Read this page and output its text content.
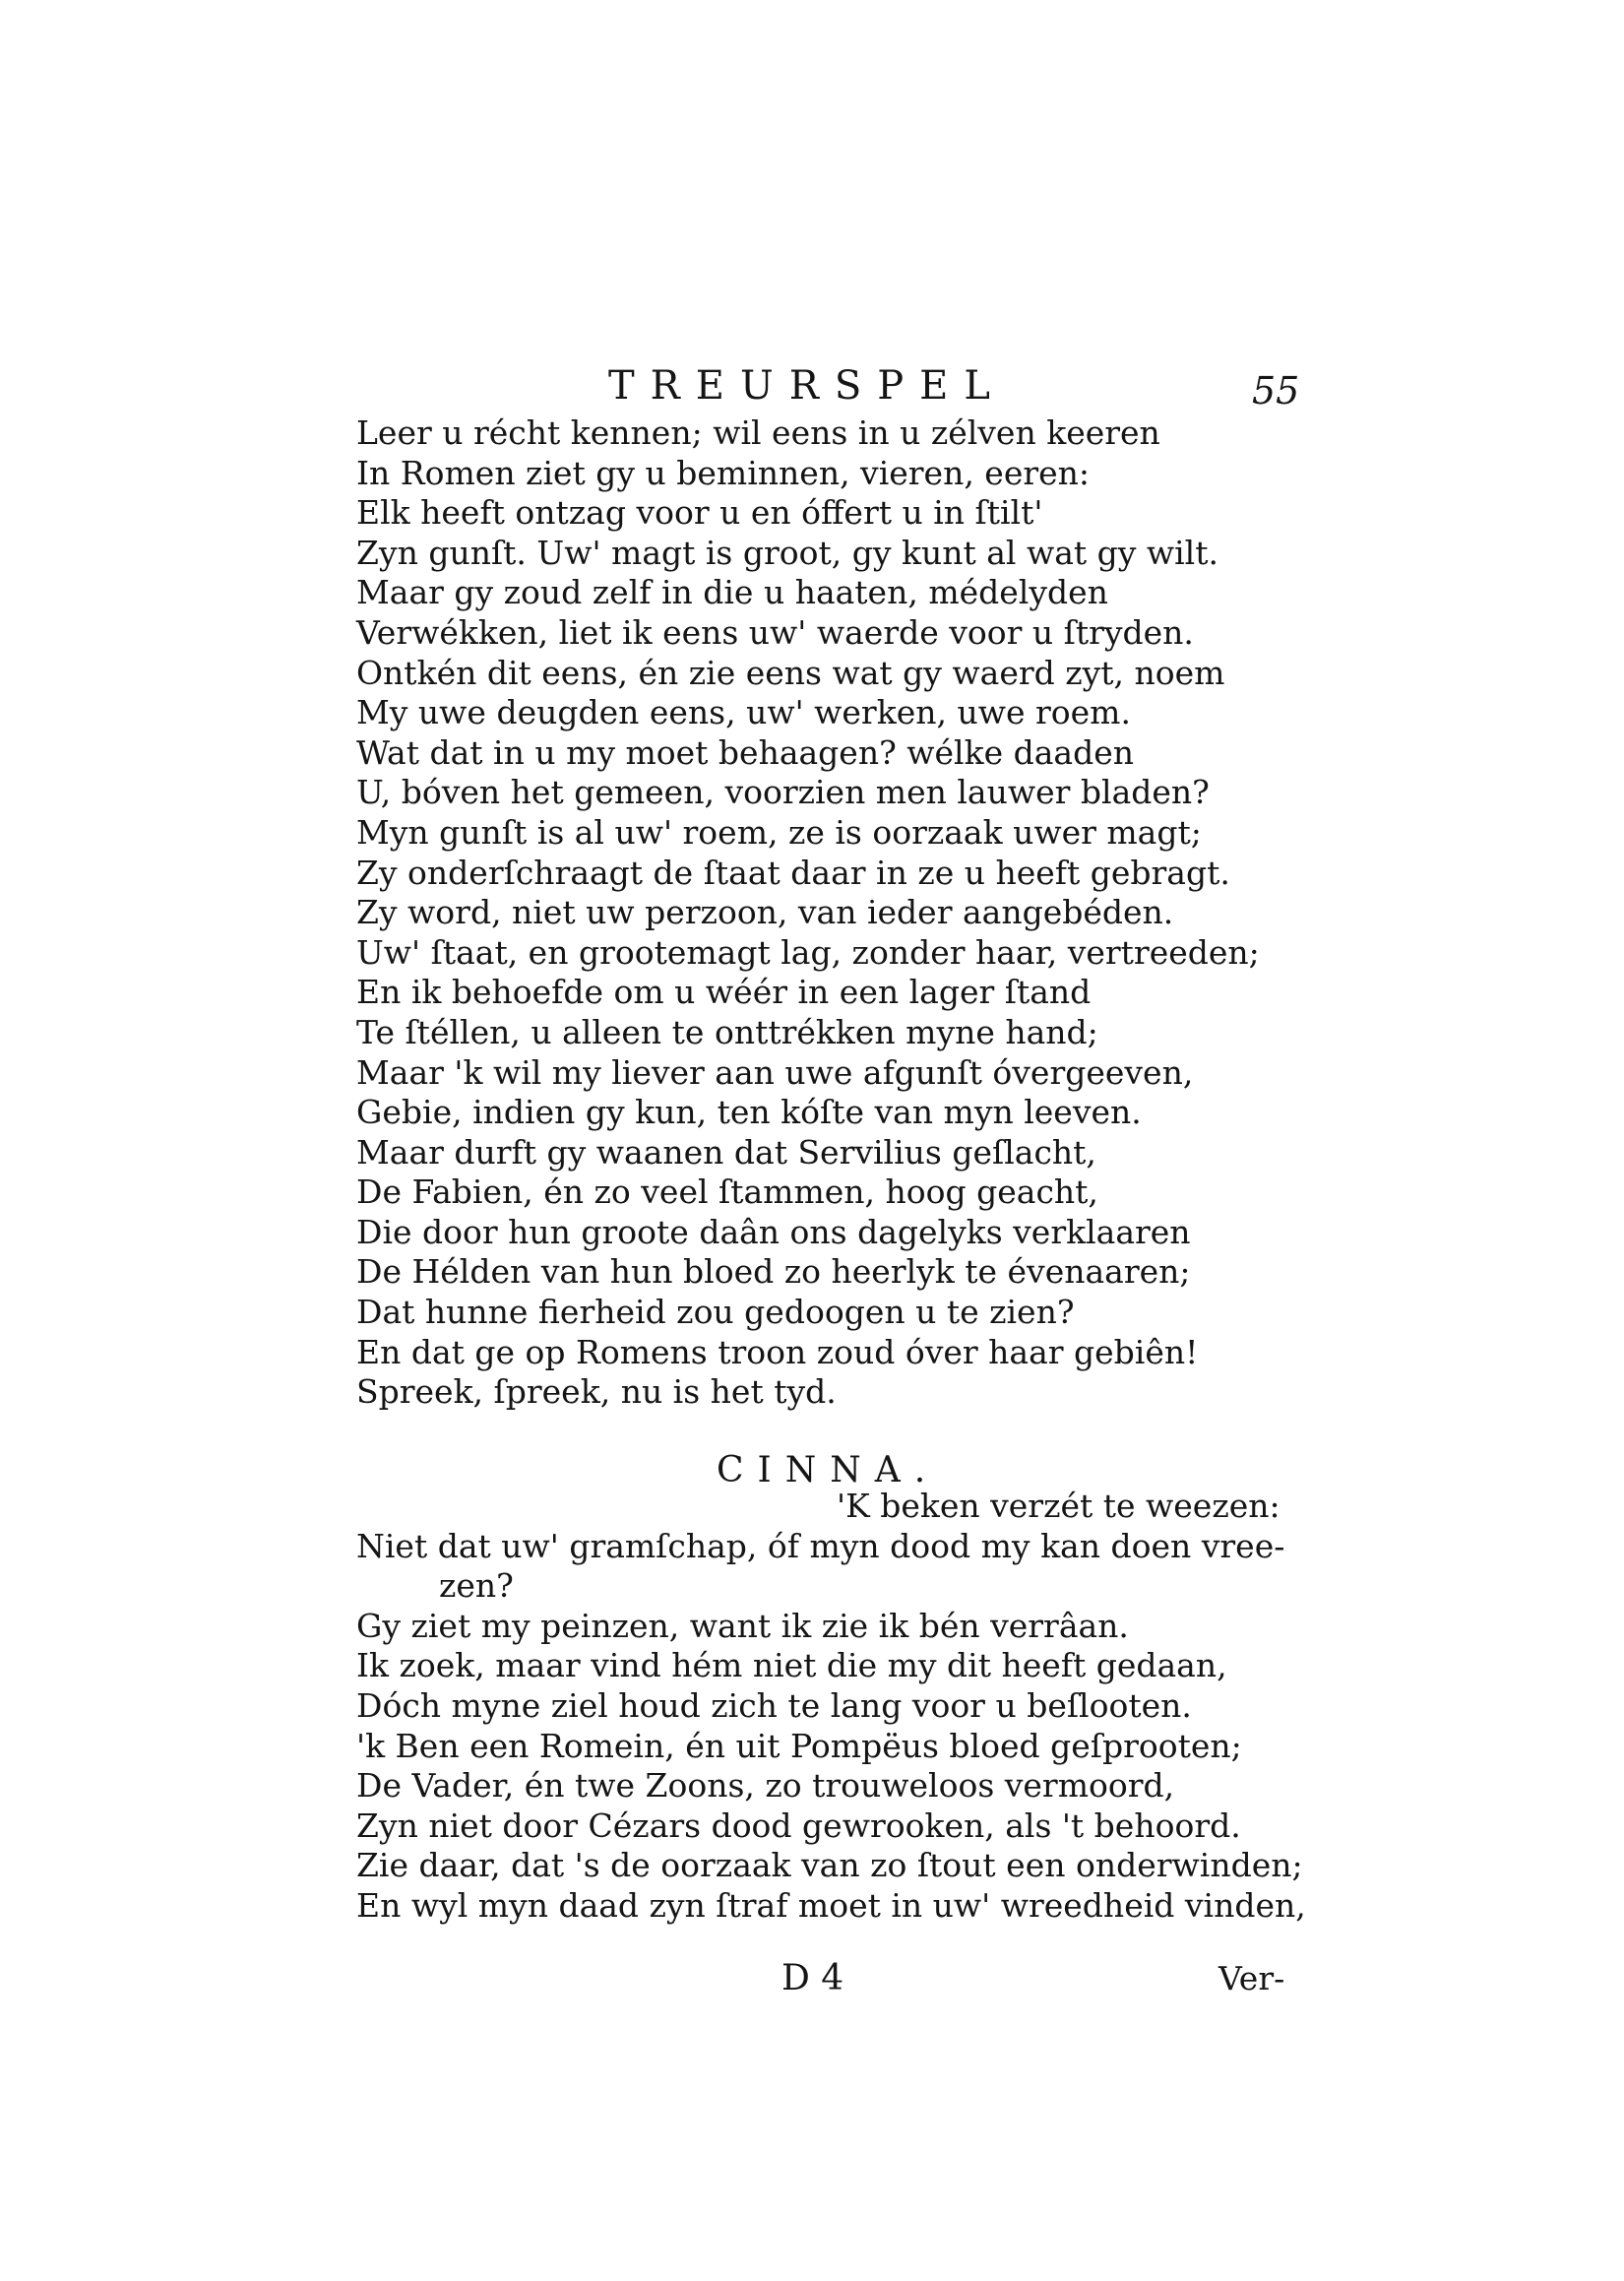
TREURSPEL	55
Leer u récht kennen; wil eens in u zélven keeren
In Romen ziet gy u beminnen, vieren, eeren:
Elk heeft ontzag voor u en óffert u in ſtilt'
Zyn gunſt. Uw' magt is groot, gy kunt al wat gy wilt.
Maar gy zoud zelf in die u haaten, médelyden
Verwékken, liet ik eens uw' waerde voor u ſtryden.
Ontkén dit eens, én zie eens wat gy waerd zyt, noem
My uwe deugden eens, uw' werken, uwe roem.
Wat dat in u my moet behaagen? wélke daaden
U, bóven het gemeen, voorzien men lauwer bladen?
Myn gunſt is al uw' roem, ze is oorzaak uwer magt;
Zy onderſchraagt de ſtaat daar in ze u heeft gebragt.
Zy word, niet uw perzoon, van ieder aangebéden.
Uw' ſtaat, en grootemagt lag, zonder haar, vertreeden;
En ik behoefde om u wéér in een lager ſtand
Te ſtéllen, u alleen te onttrékken myne hand;
Maar 'k wil my liever aan uwe afgunſt óvergeeven,
Gebie, indien gy kun, ten kóſte van myn leeven.
Maar durft gy waanen dat Servilius geſlacht,
De Fabien, én zo veel ſtammen, hoog geacht,
Die door hun groote daân ons dagelyks verklaaren
De Hélden van hun bloed zo heerlyk te évenaaren;
Dat hunne fierheid zou gedoogen u te zien?
En dat ge op Romens troon zoud óver haar gebiên!
Spreek, ſpreek, nu is het tyd.
CINNA.
'K beken verzét te weezen:
Niet dat uw' gramſchap, óf myn dood my kan doen vree-
zen?
Gy ziet my peinzen, want ik zie ik bén verrâan.
Ik zoek, maar vind hém niet die my dit heeft gedaan,
Dóch myne ziel houd zich te lang voor u beſlooten.
'k Ben een Romein, én uit Pompëus bloed geſprooten;
De Vader, én twe Zoons, zo trouweloos vermoord,
Zyn niet door Cézars dood gewrooken, als 't behoord.
Zie daar, dat 's de oorzaak van zo ſtout een onderwinden;
En wyl myn daad zyn ſtraf moet in uw' wreedheid vinden,
D 4	Ver-
